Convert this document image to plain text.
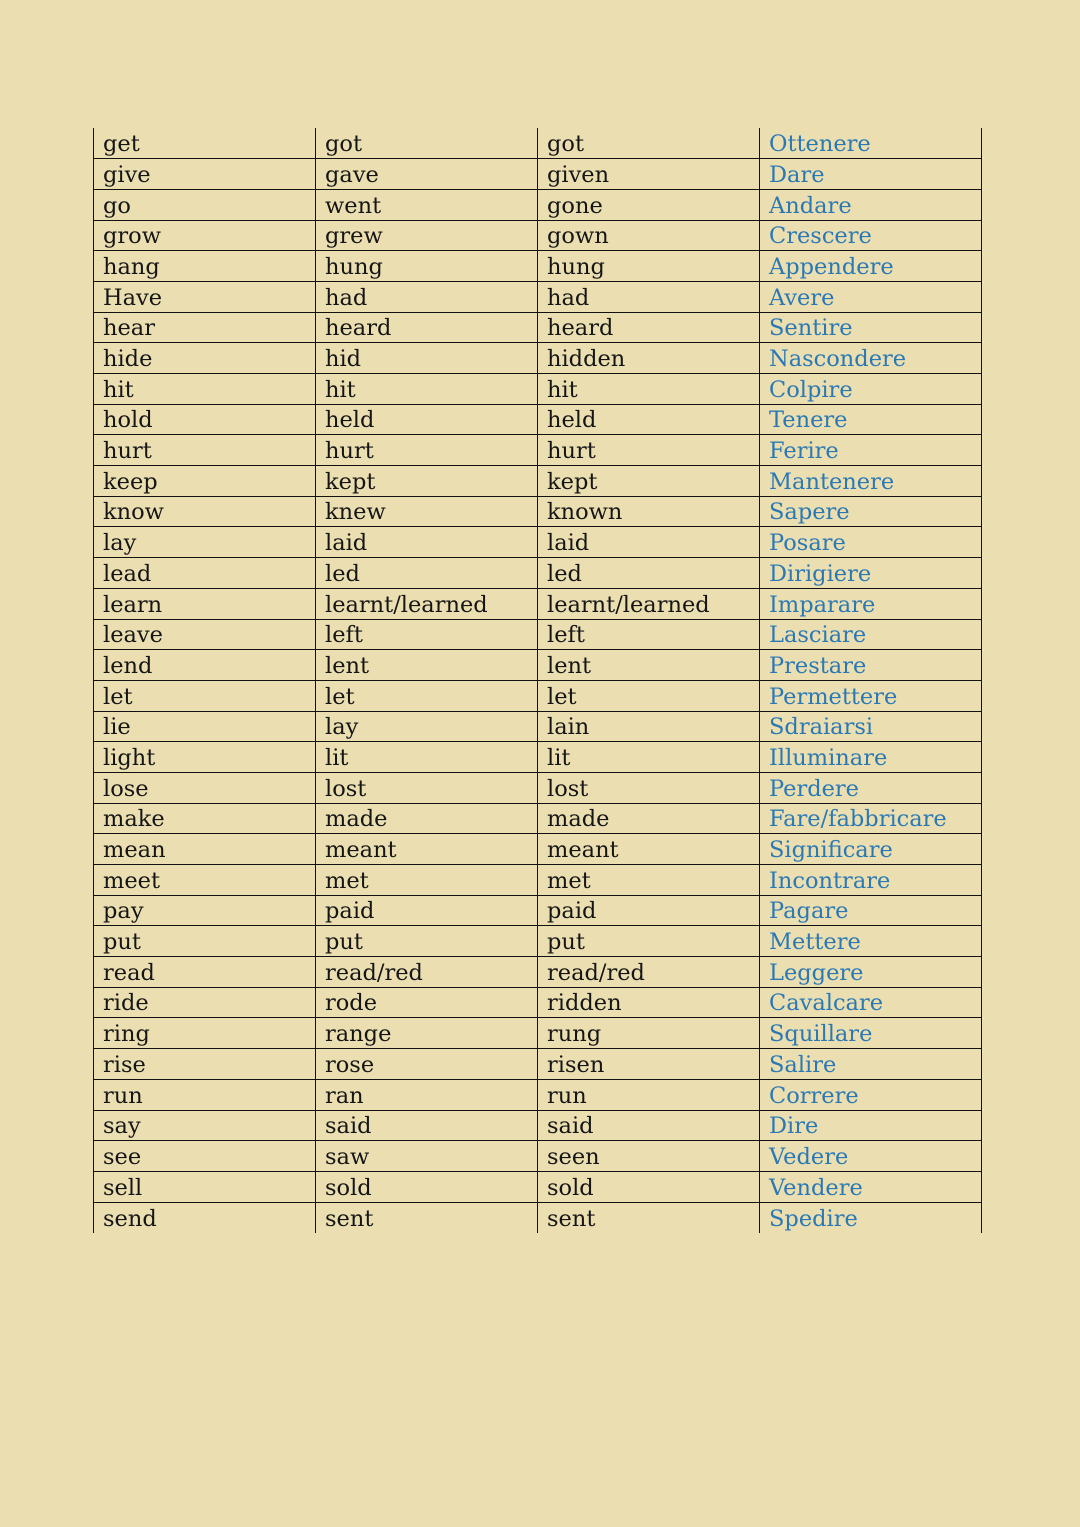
get	got	got	Ottenere
give	gave	given	Dare
go	went	gone	Andare
grow	grew	gown	Crescere
hang	hung	hung	Appendere
Have	had	had	Avere
hear	heard	heard	Sentire
hide	hid	hidden	Nascondere
hit	hit	hit	Colpire
hold	held	held	Tenere
hurt	hurt	hurt	Ferire
keep	kept	kept	Mantenere
know	knew	known	Sapere
lay	laid	laid	Posare
lead	led	led	Dirigiere
learn	learnt/learned	learnt/learned	Imparare
leave	left	left	Lasciare
lend	lent	lent	Prestare
let	let	let	Permettere
lie	lay	lain	Sdraiarsi
light	lit	lit	Illuminare
lose	lost	lost	Perdere
make	made	made	Fare/fabbricare
mean	meant	meant	Significare
meet	met	met	Incontrare
pay	paid	paid	Pagare
put	put	put	Mettere
read	read/red	read/red	Leggere
ride	rode	ridden	Cavalcare
ring	range	rung	Squillare
rise	rose	risen	Salire
run	ran	run	Correre
say	said	said	Dire
see	saw	seen	Vedere
sell	sold	sold	Vendere
send	sent	sent	Spedire
